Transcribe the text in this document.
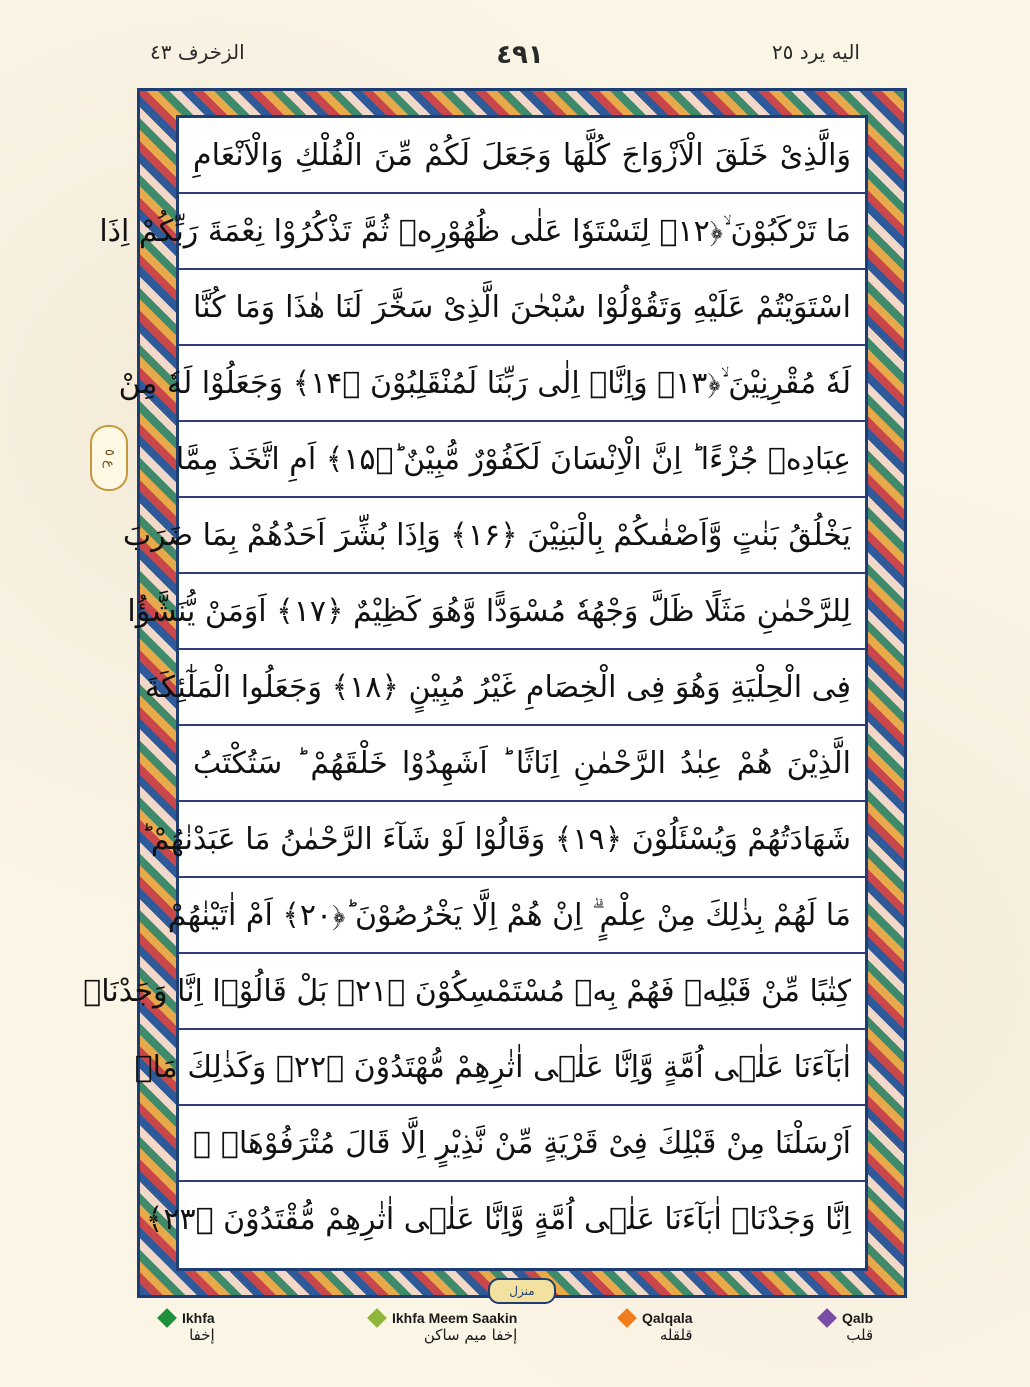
الزخرف ٤٣	٤٩١	اليه يرد ٢٥
وَالَّذِیْ خَلَقَ الْاَزْوَاجَ كُلَّهَا وَجَعَلَ لَكُمْ مِّنَ الْفُلْكِ وَالْاَنْعَامِ
مَا تَرْكَبُوْنَ ۙ﴿۱۲﴾ لِتَسْتَوٗا عَلٰی ظُهُوْرِهٖ ثُمَّ تَذْكُرُوْا نِعْمَةَ رَبِّكُمْ اِذَا
اسْتَوَیْتُمْ عَلَیْهِ وَتَقُوْلُوْا سُبْحٰنَ الَّذِیْ سَخَّرَ لَنَا هٰذَا وَمَا كُنَّا
لَهٗ مُقْرِنِیْنَ ۙ﴿۱۳﴾ وَاِنَّاۤ اِلٰی رَبِّنَا لَمُنْقَلِبُوْنَ ﴿۱۴﴾ وَجَعَلُوْا لَهٗ مِنْ
عِبَادِهٖ جُزْءًا ؕ اِنَّ الْاِنْسَانَ لَكَفُوْرٌ مُّبِیْنٌ ؕ﴿۱۵﴾ اَمِ اتَّخَذَ مِمَّا
یَخْلُقُ بَنٰتٍ وَّاَصْفٰىكُمْ بِالْبَنِیْنَ ﴿۱۶﴾ وَاِذَا بُشِّرَ اَحَدُهُمْ بِمَا ضَرَبَ
لِلرَّحْمٰنِ مَثَلًا ظَلَّ وَجْهُهٗ مُسْوَدًّا وَّهُوَ كَظِیْمٌ ﴿۱۷﴾ اَوَمَنْ یُّنَشَّؤُا
فِی الْحِلْیَةِ وَهُوَ فِی الْخِصَامِ غَیْرُ مُبِیْنٍ ﴿۱۸﴾ وَجَعَلُوا الْمَلٰٓئِكَةَ
الَّذِیْنَ هُمْ عِبٰدُ الرَّحْمٰنِ اِنَاثًا ؕ اَشَهِدُوْا خَلْقَهُمْ ؕ سَتُكْتَبُ
شَهَادَتُهُمْ وَیُسْئَلُوْنَ ﴿۱۹﴾ وَقَالُوْا لَوْ شَآءَ الرَّحْمٰنُ مَا عَبَدْنٰهُمْ ؕ
مَا لَهُمْ بِذٰلِكَ مِنْ عِلْمٍ ۗ اِنْ هُمْ اِلَّا یَخْرُصُوْنَ ؕ﴿۲۰﴾ اَمْ اٰتَیْنٰهُمْ
كِتٰبًا مِّنْ قَبْلِهٖ فَهُمْ بِهٖ مُسْتَمْسِكُوْنَ ﴿۲۱﴾ بَلْ قَالُوْۤا اِنَّا وَجَدْنَاۤ
اٰبَآءَنَا عَلٰۤی اُمَّةٍ وَّاِنَّا عَلٰۤی اٰثٰرِهِمْ مُّهْتَدُوْنَ ﴿۲۲﴾ وَكَذٰلِكَ مَاۤ
اَرْسَلْنَا مِنْ قَبْلِكَ فِیْ قَرْیَةٍ مِّنْ نَّذِیْرٍ اِلَّا قَالَ مُتْرَفُوْهَاۤ ۙ
اِنَّا وَجَدْنَاۤ اٰبَآءَنَا عَلٰۤی اُمَّةٍ وَّاِنَّا عَلٰۤی اٰثٰرِهِمْ مُّقْتَدُوْنَ ﴿۲۳﴾
ع ٥
منزل
Ikhfa
إخفا
Ikhfa Meem Saakin
إخفا میم ساکن
Qalqala
قلقله
Qalb
قلب
